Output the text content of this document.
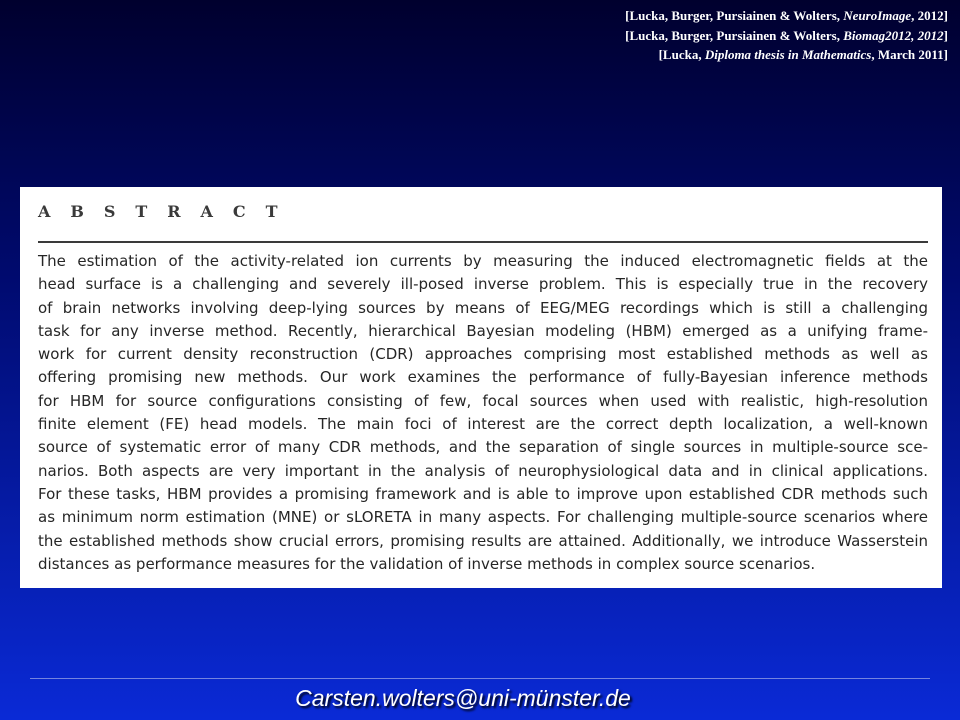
[Lucka, Burger, Pursiainen & Wolters, NeuroImage, 2012]
[Lucka, Burger, Pursiainen & Wolters, Biomag2012, 2012]
[Lucka, Diploma thesis in Mathematics, March 2011]
A B S T R A C T
The estimation of the activity-related ion currents by measuring the induced electromagnetic fields at the
head surface is a challenging and severely ill-posed inverse problem. This is especially true in the recovery
of brain networks involving deep-lying sources by means of EEG/MEG recordings which is still a challenging
task for any inverse method. Recently, hierarchical Bayesian modeling (HBM) emerged as a unifying frame-
work for current density reconstruction (CDR) approaches comprising most established methods as well as
offering promising new methods. Our work examines the performance of fully-Bayesian inference methods
for HBM for source configurations consisting of few, focal sources when used with realistic, high-resolution
finite element (FE) head models. The main foci of interest are the correct depth localization, a well-known
source of systematic error of many CDR methods, and the separation of single sources in multiple-source sce-
narios. Both aspects are very important in the analysis of neurophysiological data and in clinical applications.
For these tasks, HBM provides a promising framework and is able to improve upon established CDR methods such
as minimum norm estimation (MNE) or sLORETA in many aspects. For challenging multiple-source scenarios where
the established methods show crucial errors, promising results are attained. Additionally, we introduce Wasserstein
distances as performance measures for the validation of inverse methods in complex source scenarios.
Carsten.wolters@uni-münster.de
